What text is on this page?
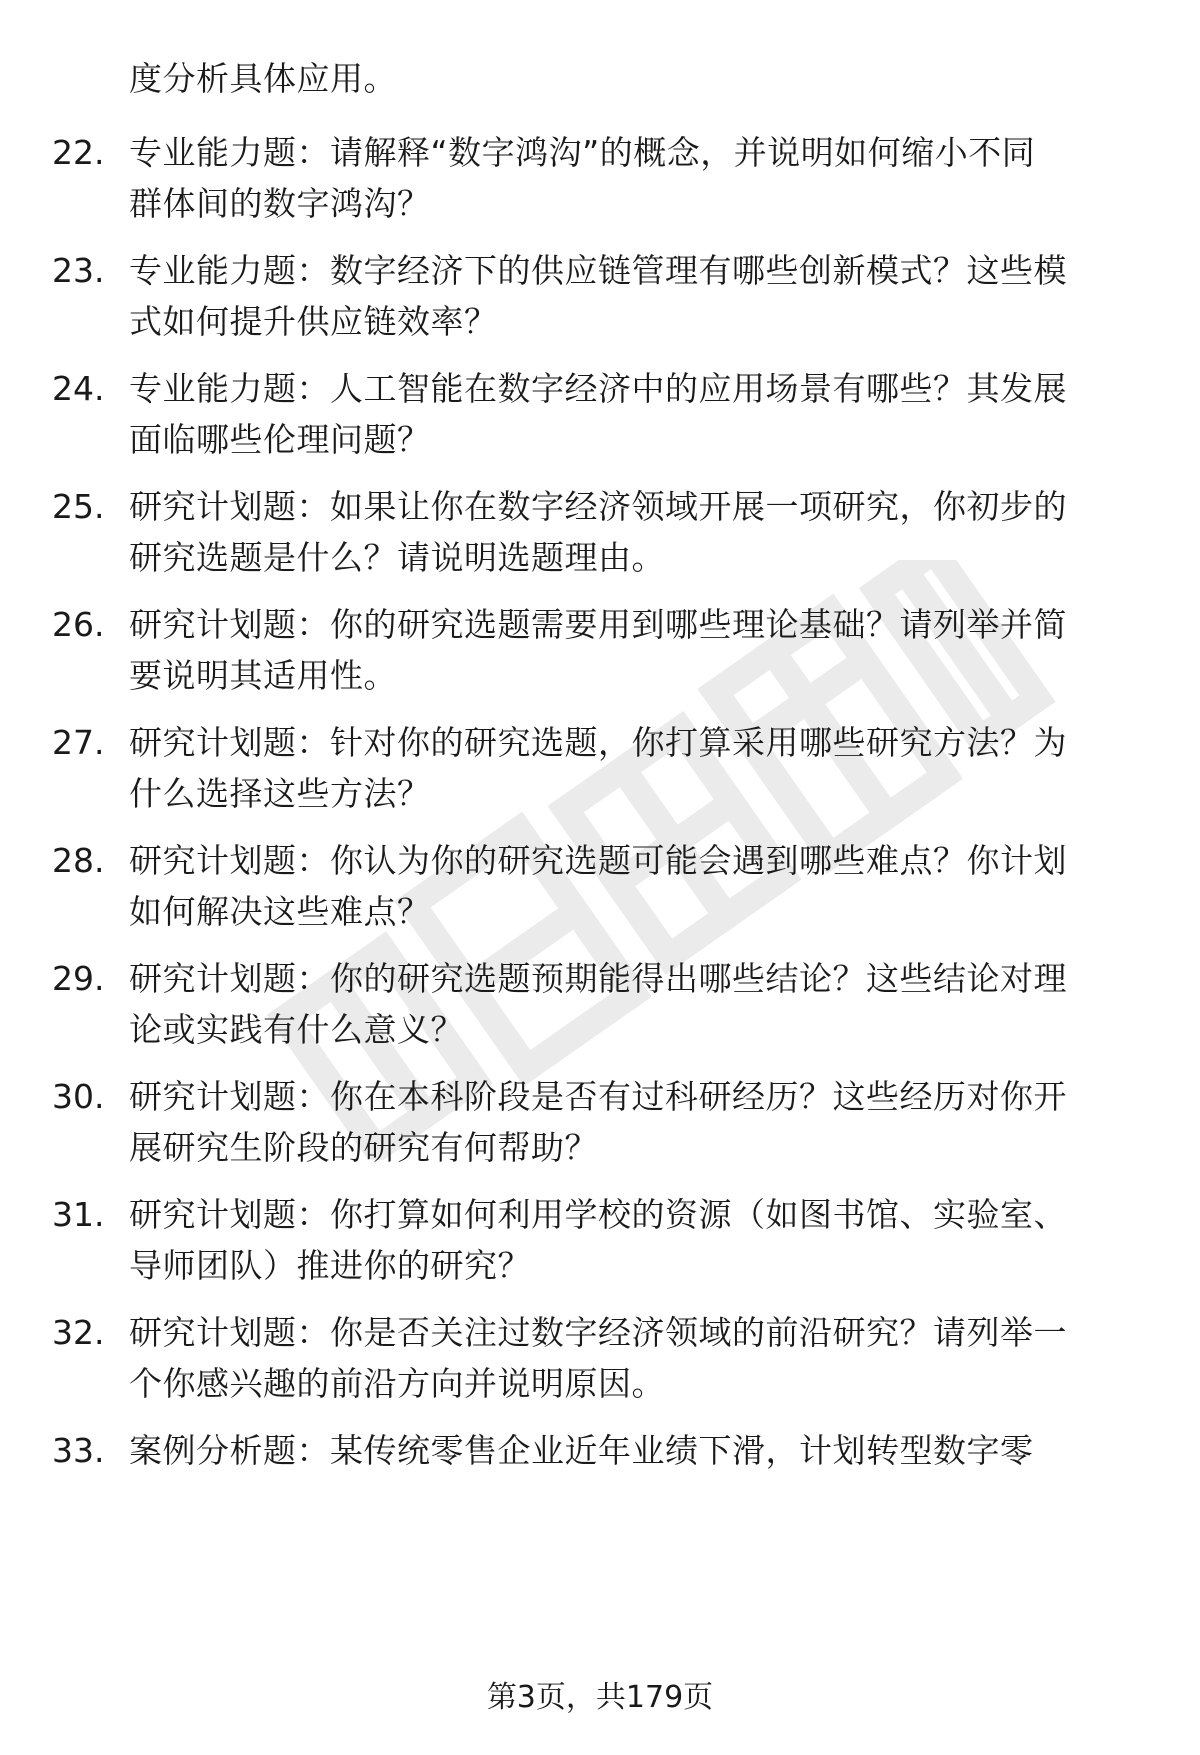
度分析具体应用。
22. 专业能力题：请解释“数字鸿沟”的概念，并说明如何缩小不同
群体间的数字鸿沟？
23. 专业能力题：数字经济下的供应链管理有哪些创新模式？这些模
式如何提升供应链效率？
24. 专业能力题：人工智能在数字经济中的应用场景有哪些？其发展
面临哪些伦理问题？
25. 研究计划题：如果让你在数字经济领域开展一项研究，你初步的
研究选题是什么？请说明选题理由。
26. 研究计划题：你的研究选题需要用到哪些理论基础？请列举并简
要说明其适用性。
27. 研究计划题：针对你的研究选题，你打算采用哪些研究方法？为
什么选择这些方法？
28. 研究计划题：你认为你的研究选题可能会遇到哪些难点？你计划
如何解决这些难点？
29. 研究计划题：你的研究选题预期能得出哪些结论？这些结论对理
论或实践有什么意义？
30. 研究计划题：你在本科阶段是否有过科研经历？这些经历对你开
展研究生阶段的研究有何帮助？
31. 研究计划题：你打算如何利用学校的资源（如图书馆、实验室、
导师团队）推进你的研究？
32. 研究计划题：你是否关注过数字经济领域的前沿研究？请列举一
个你感兴趣的前沿方向并说明原因。
33. 案例分析题：某传统零售企业近年业绩下滑，计划转型数字零
第3页，共179页
